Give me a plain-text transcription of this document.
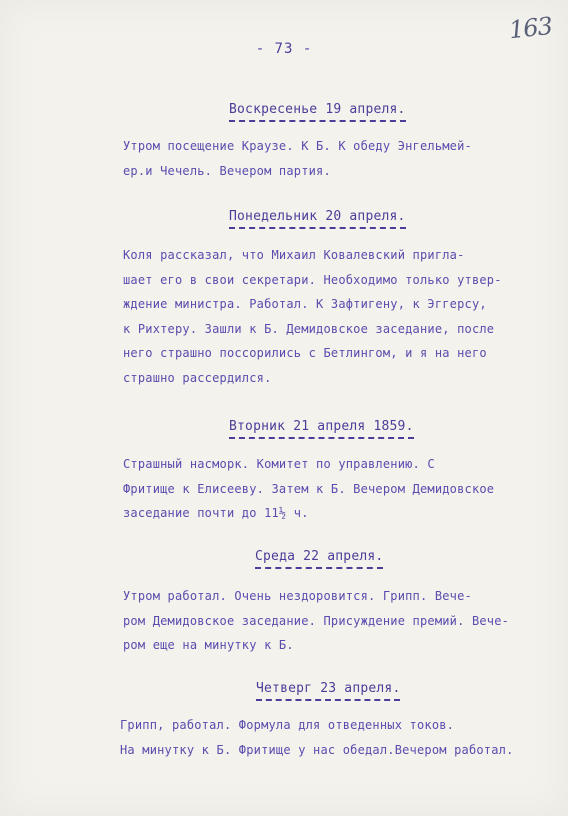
163
- 73 -
Воскресенье 19 апреля.
Утром посещение Краузе. К Б. К обеду Энгельмей-
ер.и Чечель. Вечером партия.
Понедельник 20 апреля.
Коля рассказал, что Михаил Ковалевский пригла-
шает его в свои секретари. Необходимо только утвер-
ждение министра. Работал. К Зафтигену, к Эггерсу,
к Рихтеру. Зашли к Б. Демидовское заседание, после
него страшно поссорились с Бетлингом, и я на него
страшно рассердился.
Вторник 21 апреля 1859.
Страшный насморк. Комитет по управлению. С
Фритище к Елисееву. Затем к Б. Вечером Демидовское
заседание почти до 11½ ч.
Среда 22 апреля.
Утром работал. Очень нездоровится. Грипп. Вече-
ром Демидовское заседание. Присуждение премий. Вече-
ром еще на минутку к Б.
Четверг 23 апреля.
Грипп, работал. Формула для отведенных токов.
На минутку к Б. Фритище у нас обедал.Вечером работал.
